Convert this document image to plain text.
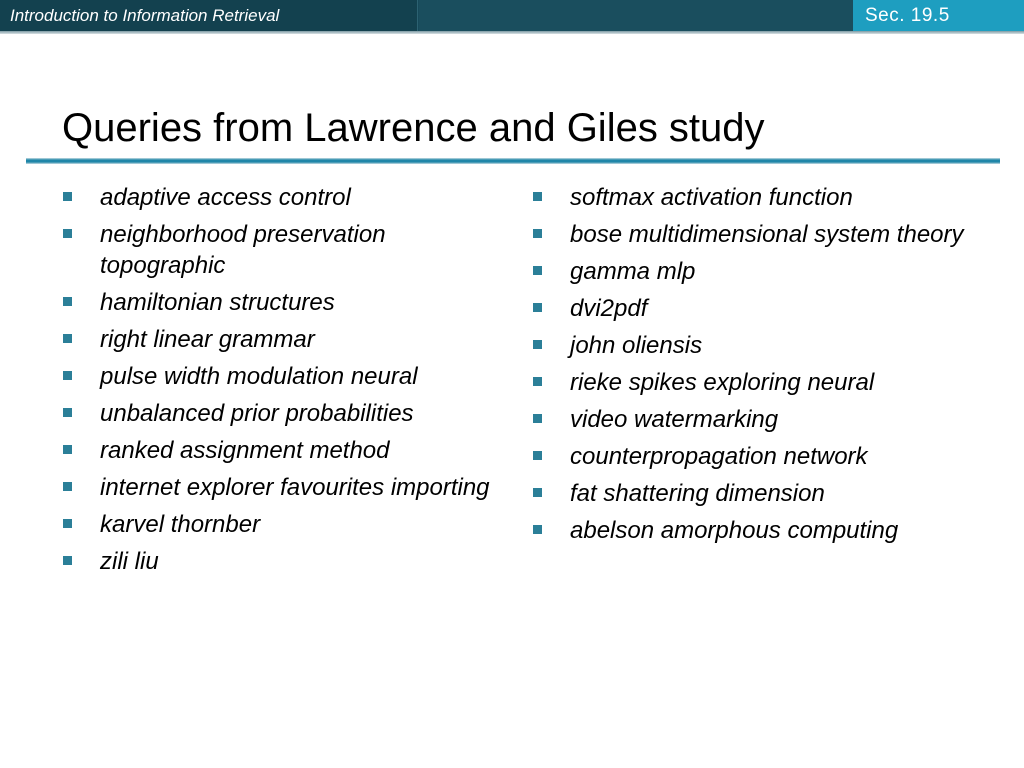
Introduction to Information Retrieval	Sec. 19.5
Queries from Lawrence and Giles study
adaptive access control
neighborhood preservation topographic
hamiltonian structures
right linear grammar
pulse width modulation neural
unbalanced prior probabilities
ranked assignment method
internet explorer favourites importing
karvel thornber
zili liu
softmax activation function
bose multidimensional system theory
gamma mlp
dvi2pdf
john oliensis
rieke spikes exploring neural
video watermarking
counterpropagation network
fat shattering dimension
abelson amorphous computing
